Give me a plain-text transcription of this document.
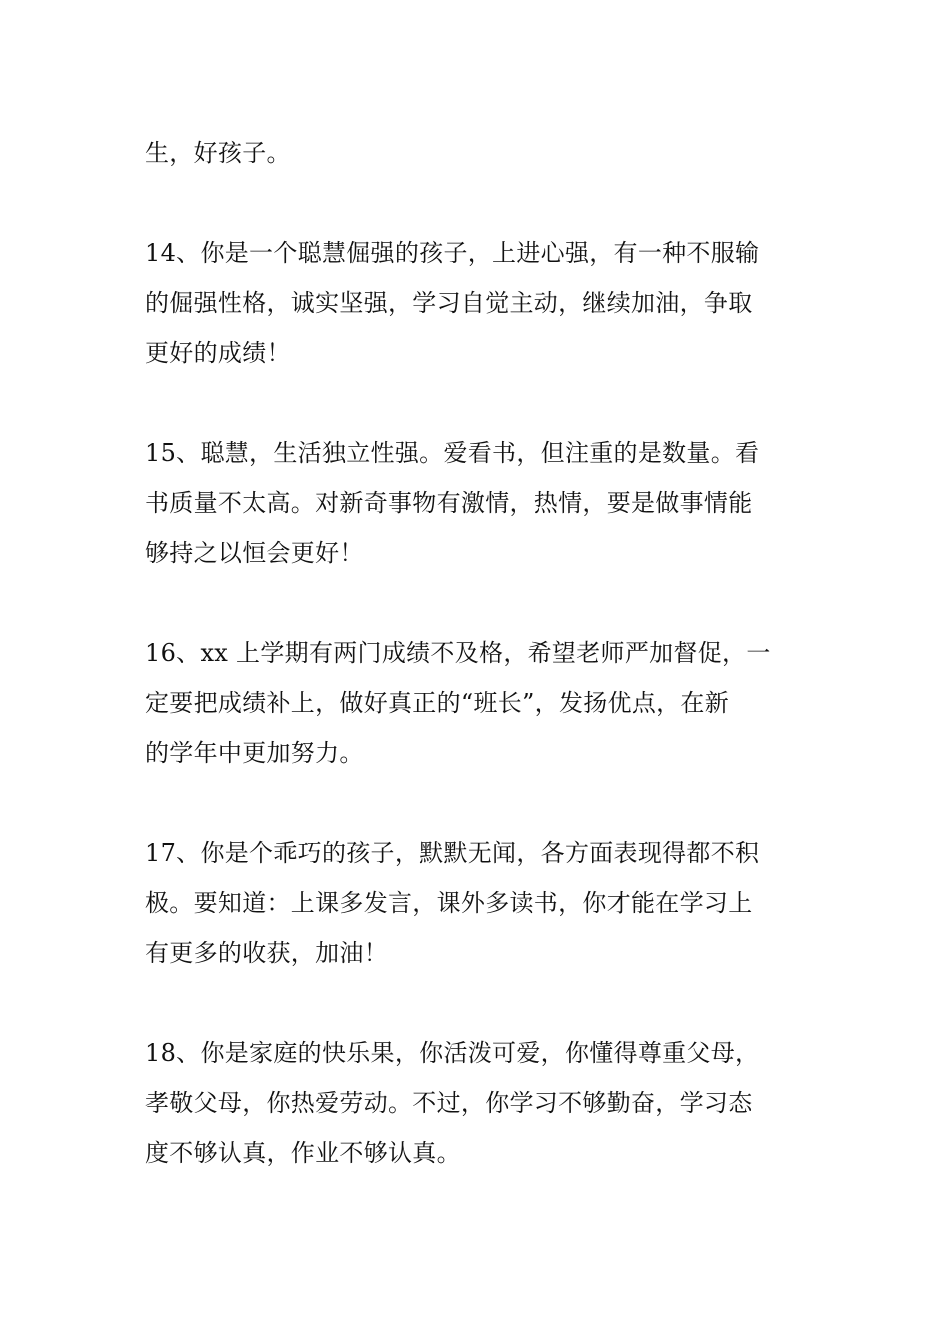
生，好孩子。
14、你是一个聪慧倔强的孩子，上进心强，有一种不服输
的倔强性格，诚实坚强，学习自觉主动，继续加油，争取
更好的成绩！
15、聪慧，生活独立性强。爱看书，但注重的是数量。看
书质量不太高。对新奇事物有激情，热情，要是做事情能
够持之以恒会更好！
16、xx 上学期有两门成绩不及格，希望老师严加督促，一
定要把成绩补上，做好真正的“班长”，发扬优点，在新
的学年中更加努力。
17、你是个乖巧的孩子，默默无闻，各方面表现得都不积
极。要知道：上课多发言，课外多读书，你才能在学习上
有更多的收获，加油！
18、你是家庭的快乐果，你活泼可爱，你懂得尊重父母，
孝敬父母，你热爱劳动。不过，你学习不够勤奋，学习态
度不够认真，作业不够认真。
